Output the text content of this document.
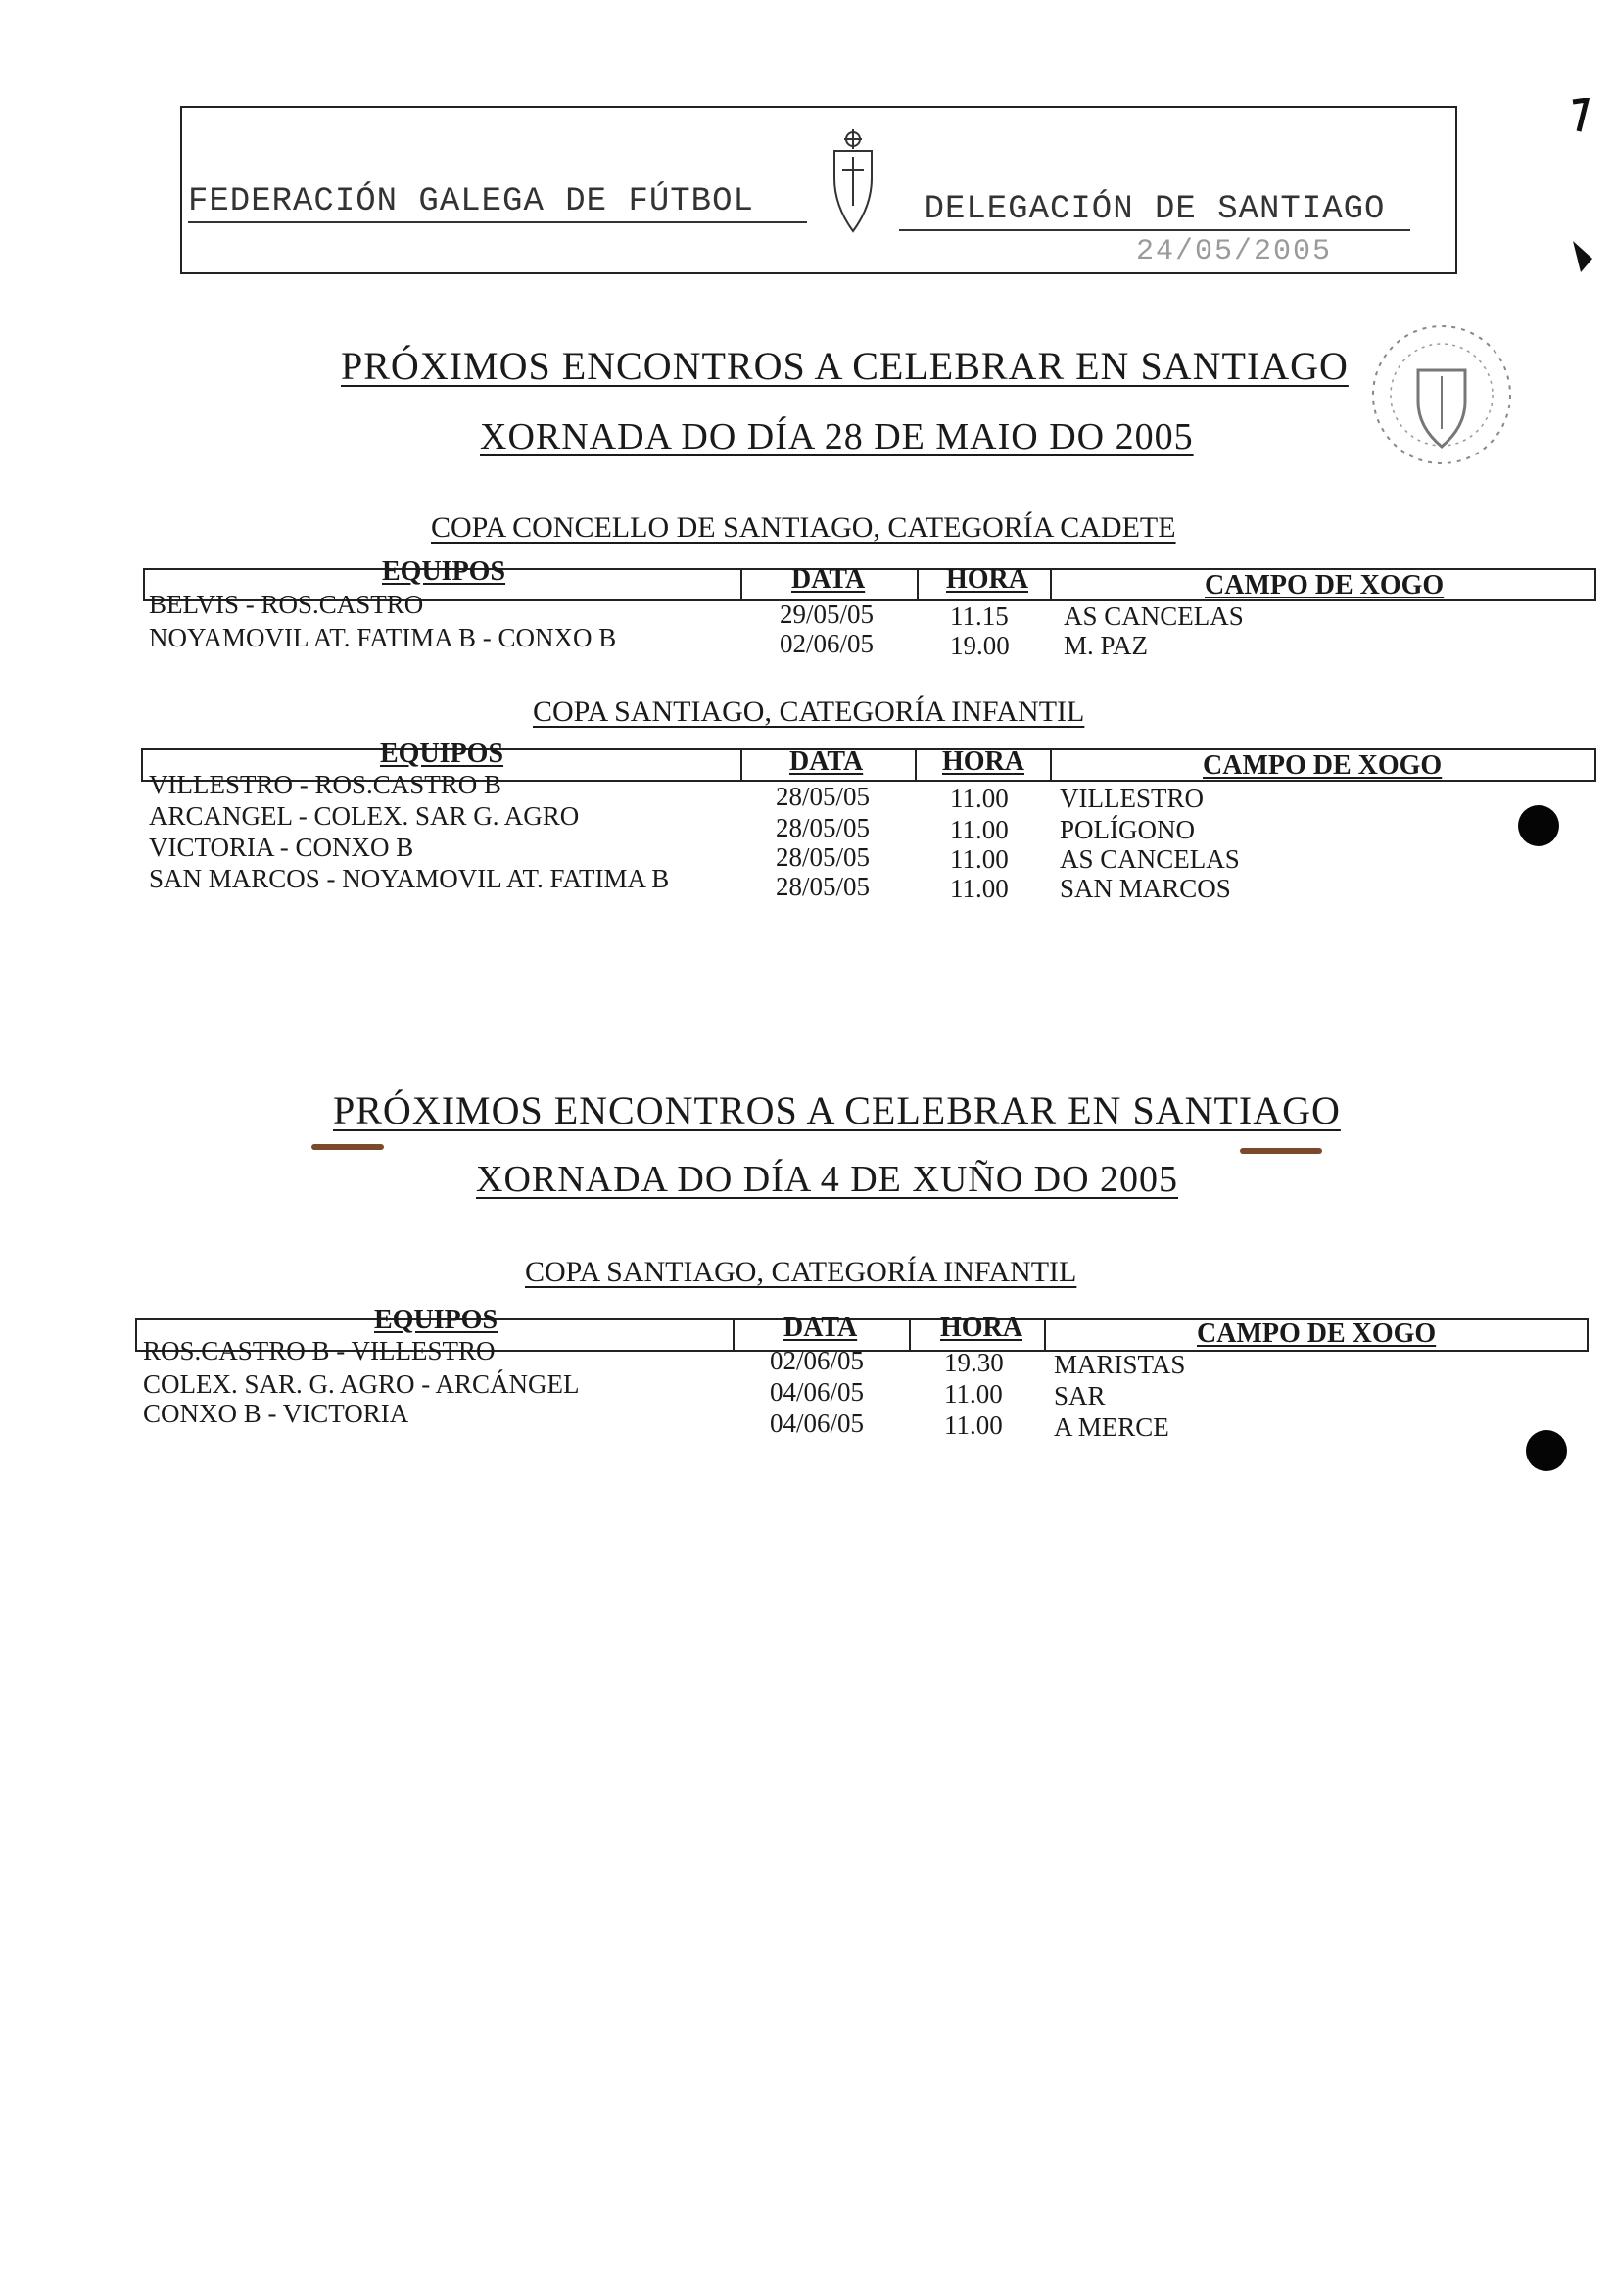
FEDERACIÓN GALEGA DE FÚTBOL	DELEGACIÓN DE SANTIAGO
24/05/2005
PRÓXIMOS ENCONTROS A CELEBRAR EN SANTIAGO
XORNADA DO DÍA 28 DE MAIO DO 2005
COPA CONCELLO DE SANTIAGO, CATEGORÍA CADETE
EQUIPOS	DATA	HORA	CAMPO DE XOGO
BELVIS - ROS.CASTRO	29/05/05	11.15 AS CANCELAS
NOYAMOVIL AT. FATIMA B - CONXO B	02/06/05	19.00 M. PAZ
COPA SANTIAGO, CATEGORÍA INFANTIL
EQUIPOS	DATA	HORA	CAMPO DE XOGO
VILLESTRO - ROS.CASTRO B	28/05/05	11.00 VILLESTRO
ARCANGEL - COLEX. SAR G. AGRO	28/05/05	11.00 POLÍGONO
VICTORIA - CONXO B	28/05/05	11.00 AS CANCELAS
SAN MARCOS - NOYAMOVIL AT. FATIMA B	28/05/05	11.00 SAN MARCOS
PRÓXIMOS ENCONTROS A CELEBRAR EN SANTIAGO
XORNADA DO DÍA 4 DE XUÑO DO 2005
COPA SANTIAGO, CATEGORÍA INFANTIL
EQUIPOS	DATA	HORA	CAMPO DE XOGO
ROS.CASTRO B - VILLESTRO	02/06/05	19.30 MARISTAS
COLEX. SAR. G. AGRO - ARCÁNGEL	04/06/05	11.00 SAR
CONXO B - VICTORIA	04/06/05	11.00 A MERCE
